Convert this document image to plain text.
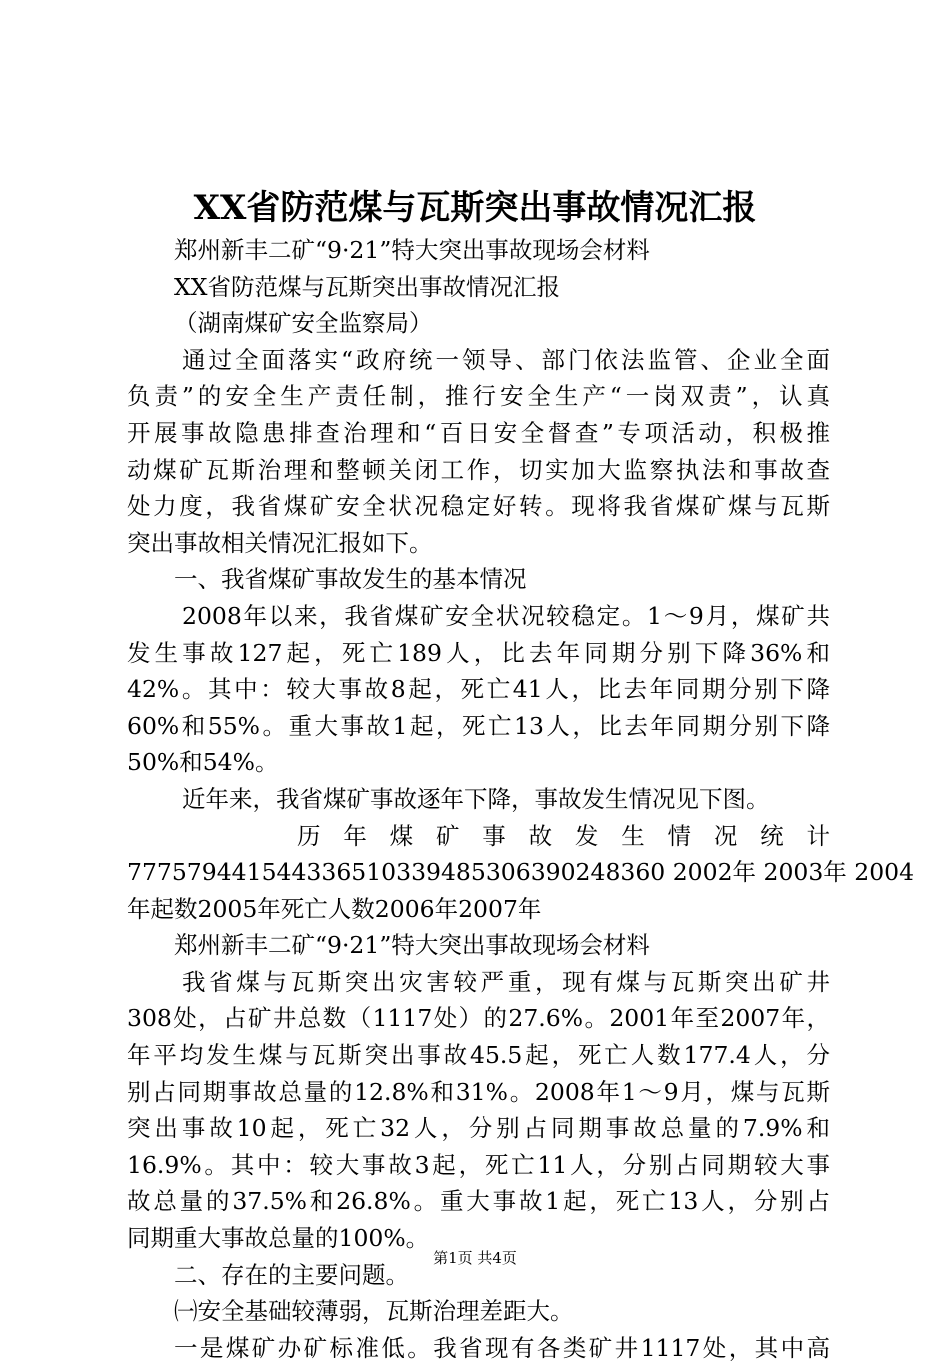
XX省防范煤与瓦斯突出事故情况汇报
郑州新丰二矿“9·21”特大突出事故现场会材料
XX省防范煤与瓦斯突出事故情况汇报
（湖南煤矿安全监察局）
通过全面落实“政府统一领导、部门依法监管、企业全面
负责”的安全生产责任制，推行安全生产“一岗双责”，认真
开展事故隐患排查治理和“百日安全督查”专项活动，积极推
动煤矿瓦斯治理和整顿关闭工作，切实加大监察执法和事故查
处力度，我省煤矿安全状况稳定好转。现将我省煤矿煤与瓦斯
突出事故相关情况汇报如下。
一、我省煤矿事故发生的基本情况
2008年以来，我省煤矿安全状况较稳定。1～9月，煤矿共
发生事故127起，死亡189人，比去年同期分别下降36%和
42%。其中：较大事故8起，死亡41人，比去年同期分别下降
60%和55%。重大事故1起，死亡13人，比去年同期分别下降
50%和54%。
近年来，我省煤矿事故逐年下降，事故发生情况见下图。
历年煤矿事故发生情况统计
777579441544336510339485306390248360 2002年 2003年 2004
年起数2005年死亡人数2006年2007年
郑州新丰二矿“9·21”特大突出事故现场会材料
我省煤与瓦斯突出灾害较严重，现有煤与瓦斯突出矿井
308处，占矿井总数（1117处）的27.6%。2001年至2007年，
年平均发生煤与瓦斯突出事故45.5起，死亡人数177.4人，分
别占同期事故总量的12.8%和31%。2008年1～9月，煤与瓦斯
突出事故10起，死亡32人，分别占同期事故总量的7.9%和
16.9%。其中：较大事故3起，死亡11人，分别占同期较大事
故总量的37.5%和26.8%。重大事故1起，死亡13人，分别占
同期重大事故总量的100%。
二、存在的主要问题。
㈠安全基础较薄弱，瓦斯治理差距大。
一是煤矿办矿标准低。我省现有各类矿井1117处，其中高
第1页 共4页
